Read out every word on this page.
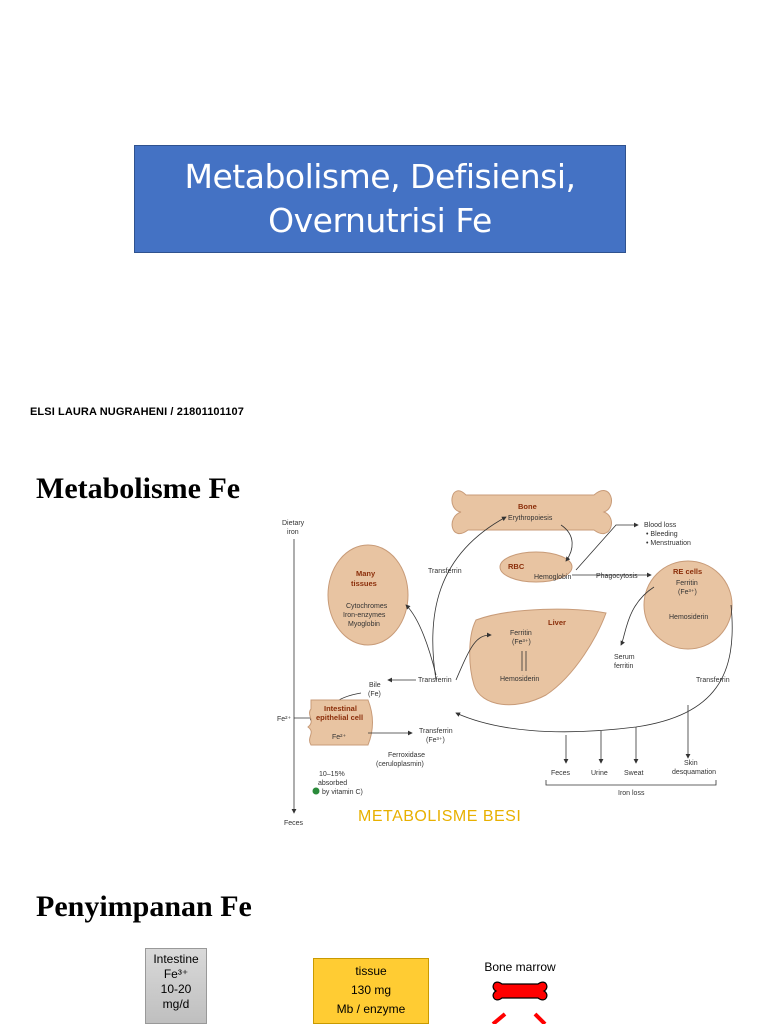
Metabolisme, Defisiensi,
Overnutrisi Fe
ELSI LAURA NUGRAHENI / 21801101107
Metabolisme Fe
Dietary
iron
Fe²⁺
Feces
Bone
Erythropoiesis
RBC
Hemoglobin
Blood loss
• Bleeding
• Menstruation
Phagocytosis
RE cells
Ferritin
(Fe³⁺)
Hemosiderin
Many
tissues
Cytochromes
Iron-enzymes
Myoglobin
Transferrin
Liver
Ferritin
(Fe³⁺)
Hemosiderin
Serum
ferritin
Transferrin
Bile
(Fe)
Transferrin
Intestinal
epithelial cell
Fe²⁺
Ferroxidase
(ceruloplasmin)
Transferrin
(Fe³⁺)
10–15%
absorbed
by vitamin C)
Feces	Urine Sweat
Skin
desquamation
Iron loss
METABOLISME BESI
Penyimpanan Fe
Intestine
Fe³⁺
10-20
mg/d
tissue
130 mg
Mb / enzyme
Bone marrow
